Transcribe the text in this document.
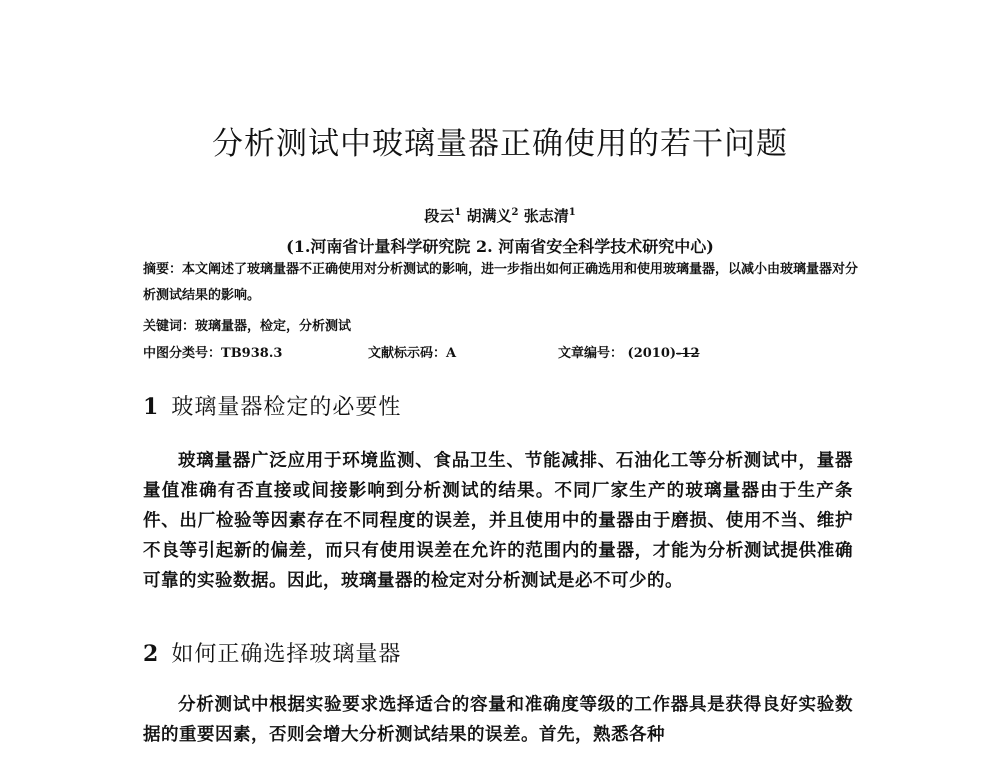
分析测试中玻璃量器正确使用的若干问题
段云$^1$ 胡满义$^2$ 张志清$^1$
(1.河南省计量科学研究院 2. 河南省安全科学技术研究中心)
摘要：本文阐述了玻璃量器不正确使用对分析测试的影响，进一步指出如何正确选用和使用玻璃量器，以减小由玻璃量器对分析测试结果的影响。
关键词：玻璃量器，检定，分析测试
中图分类号：TB938.3	文献标示码：A	文章编号： (2010)-12
1 玻璃量器检定的必要性
玻璃量器广泛应用于环境监测、食品卫生、节能减排、石油化工等分析测试中，量器量值准确有否直接或间接影响到分析测试的结果。不同厂家生产的玻璃量器由于生产条件、出厂检验等因素存在不同程度的误差，并且使用中的量器由于磨损、使用不当、维护不良等引起新的偏差，而只有使用误差在允许的范围内的量器，才能为分析测试提供准确可靠的实验数据。因此，玻璃量器的检定对分析测试是必不可少的。
2 如何正确选择玻璃量器
分析测试中根据实验要求选择适合的容量和准确度等级的工作器具是获得良好实验数据的重要因素，否则会增大分析测试结果的误差。首先，熟悉各种
